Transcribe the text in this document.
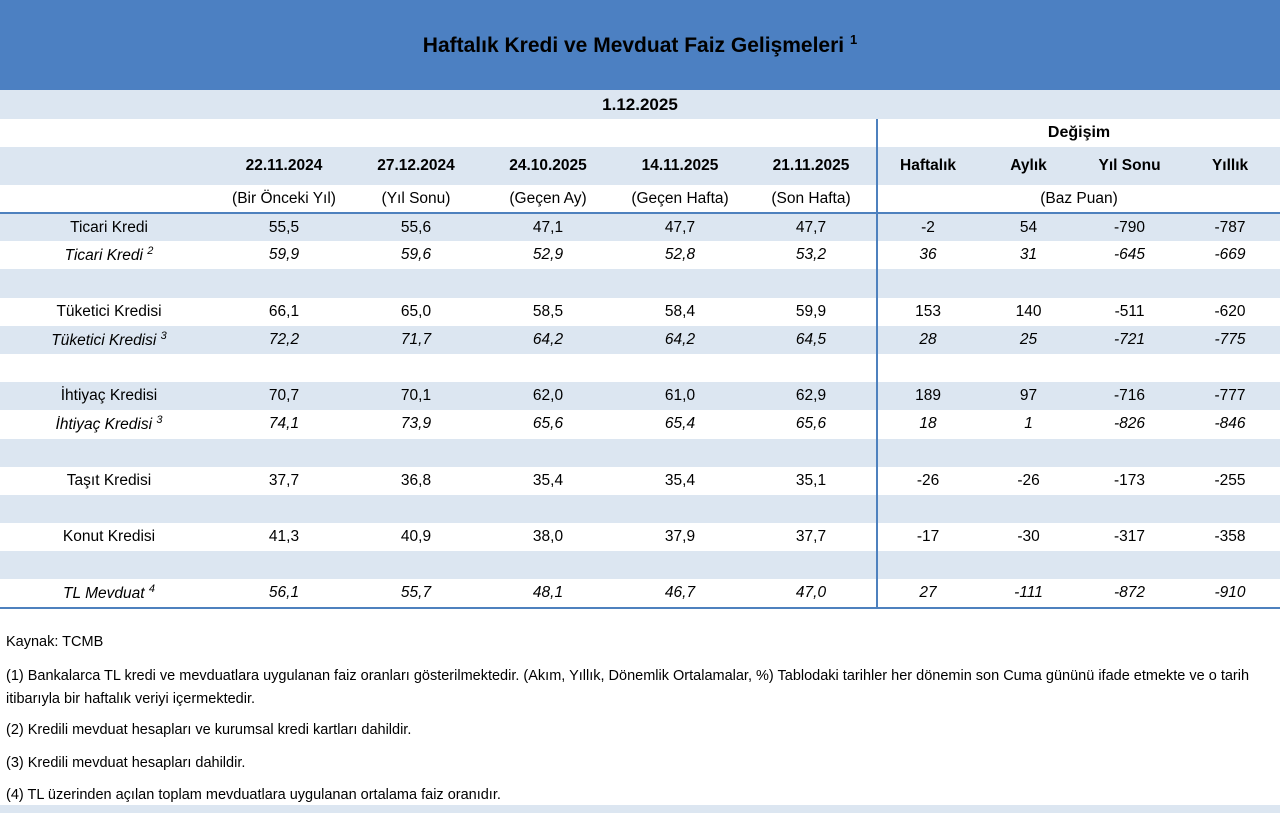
Haftalık Kredi ve Mevduat Faiz Gelişmeleri $^1$
1.12.2025
						Değişim			
	22.11.2024	27.12.2024	24.10.2025	14.11.2025	21.11.2025	Haftalık	Aylık	Yıl Sonu	Yıllık
	(Bir Önceki Yıl)	(Yıl Sonu)	(Geçen Ay)	(Geçen Hafta)	(Son Hafta)	(Baz Puan)			
Ticari Kredi	55,5	55,6	47,1	47,7	47,7	-2	54	-790	-787
Ticari Kredi $^2$	59,9	59,6	52,9	52,8	53,2	36	31	-645	-669

Tüketici Kredisi	66,1	65,0	58,5	58,4	59,9	153	140	-511	-620
Tüketici Kredisi $^3$	72,2	71,7	64,2	64,2	64,5	28	25	-721	-775

İhtiyaç Kredisi	70,7	70,1	62,0	61,0	62,9	189	97	-716	-777
İhtiyaç Kredisi $^3$	74,1	73,9	65,6	65,4	65,6	18	1	-826	-846

Taşıt Kredisi	37,7	36,8	35,4	35,4	35,1	-26	-26	-173	-255

Konut Kredisi	41,3	40,9	38,0	37,9	37,7	-17	-30	-317	-358

TL Mevduat $^4$	56,1	55,7	48,1	46,7	47,0	27	-111	-872	-910

Kaynak: TCMB

(1) Bankalarca TL kredi ve mevduatlara uygulanan faiz oranları gösterilmektedir. (Akım, Yıllık, Dönemlik Ortalamalar, %) Tablodaki tarihler her dönemin son Cuma gününü ifade etmekte ve o tarih itibarıyla bir haftalık veriyi içermektedir.

(2) Kredili mevduat hesapları ve kurumsal kredi kartları dahildir.

(3) Kredili mevduat hesapları dahildir.

(4) TL üzerinden açılan toplam mevduatlara uygulanan ortalama faiz oranıdır.
